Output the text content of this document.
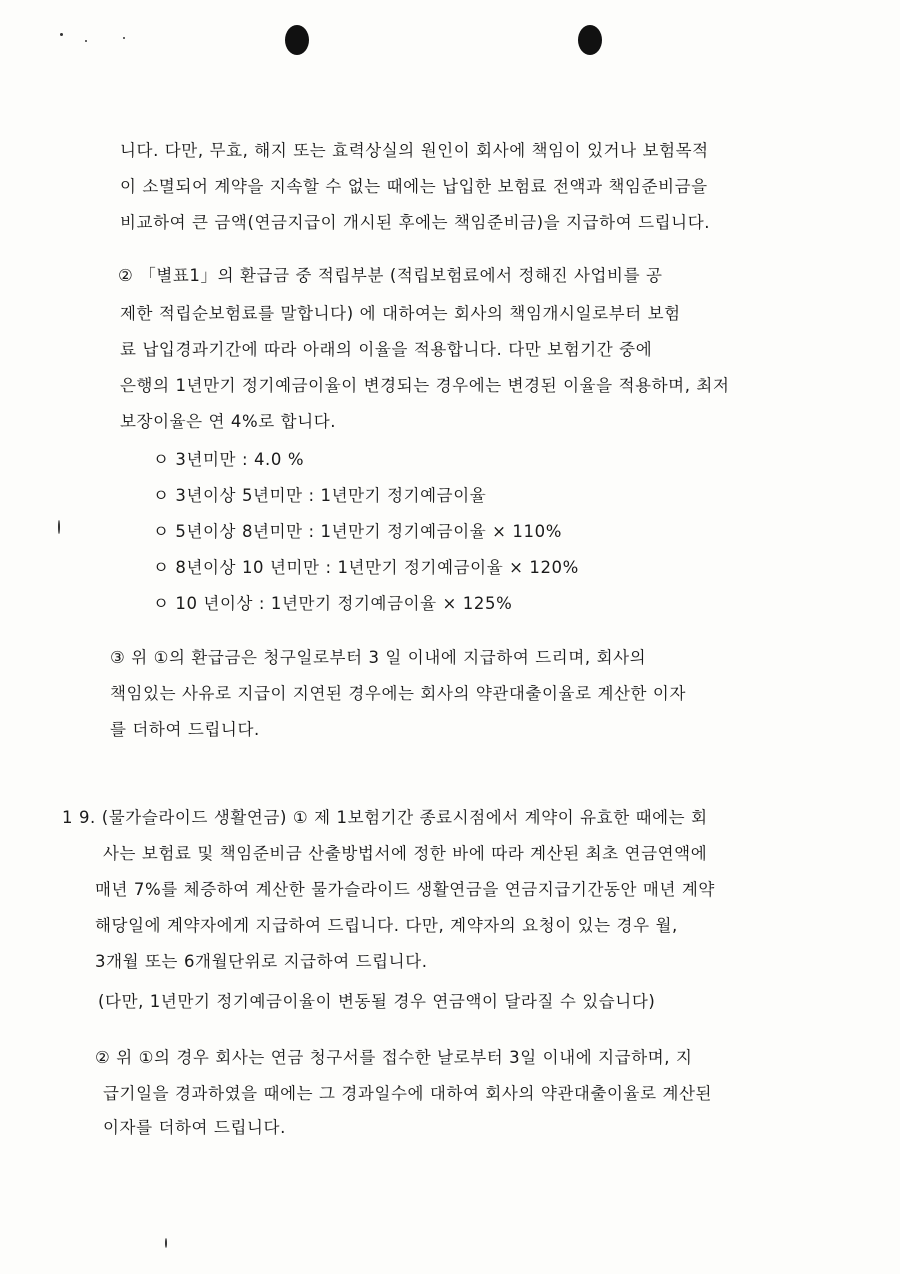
니다. 다만, 무효, 해지 또는 효력상실의 원인이 회사에 책임이 있거나 보험목적
이 소멸되어 계약을 지속할 수 없는 때에는 납입한 보험료 전액과 책임준비금을
비교하여 큰 금액(연금지급이 개시된 후에는 책임준비금)을 지급하여 드립니다.
② 「별표1」의 환급금 중 적립부분 (적립보험료에서 정해진 사업비를 공
제한 적립순보험료를 말합니다) 에 대하여는 회사의 책임개시일로부터 보험
료 납입경과기간에 따라 아래의 이율을 적용합니다. 다만 보험기간 중에
은행의 1년만기 정기예금이율이 변경되는 경우에는 변경된 이율을 적용하며, 최저
보장이율은 연 4%로 합니다.
ㅇ 3년미만 : 4.0 %
ㅇ 3년이상 5년미만 : 1년만기 정기예금이율
ㅇ 5년이상 8년미만 : 1년만기 정기예금이율 × 110%
ㅇ 8년이상 10 년미만 : 1년만기 정기예금이율 × 120%
ㅇ 10 년이상 : 1년만기 정기예금이율 × 125%
③ 위 ①의 환급금은 청구일로부터 3 일 이내에 지급하여 드리며, 회사의
책임있는 사유로 지급이 지연된 경우에는 회사의 약관대출이율로 계산한 이자
를 더하여 드립니다.
1 9. (물가슬라이드 생활연금) ① 제 1보험기간 종료시점에서 계약이 유효한 때에는 회
사는 보험료 및 책임준비금 산출방법서에 정한 바에 따라 계산된 최초 연금연액에
매년 7%를 체증하여 계산한 물가슬라이드 생활연금을 연금지급기간동안 매년 계약
해당일에 계약자에게 지급하여 드립니다. 다만, 계약자의 요청이 있는 경우 월,
3개월 또는 6개월단위로 지급하여 드립니다.
(다만, 1년만기 정기예금이율이 변동될 경우 연금액이 달라질 수 있습니다)
② 위 ①의 경우 회사는 연금 청구서를 접수한 날로부터 3일 이내에 지급하며, 지
급기일을 경과하였을 때에는 그 경과일수에 대하여 회사의 약관대출이율로 계산된
이자를 더하여 드립니다.
